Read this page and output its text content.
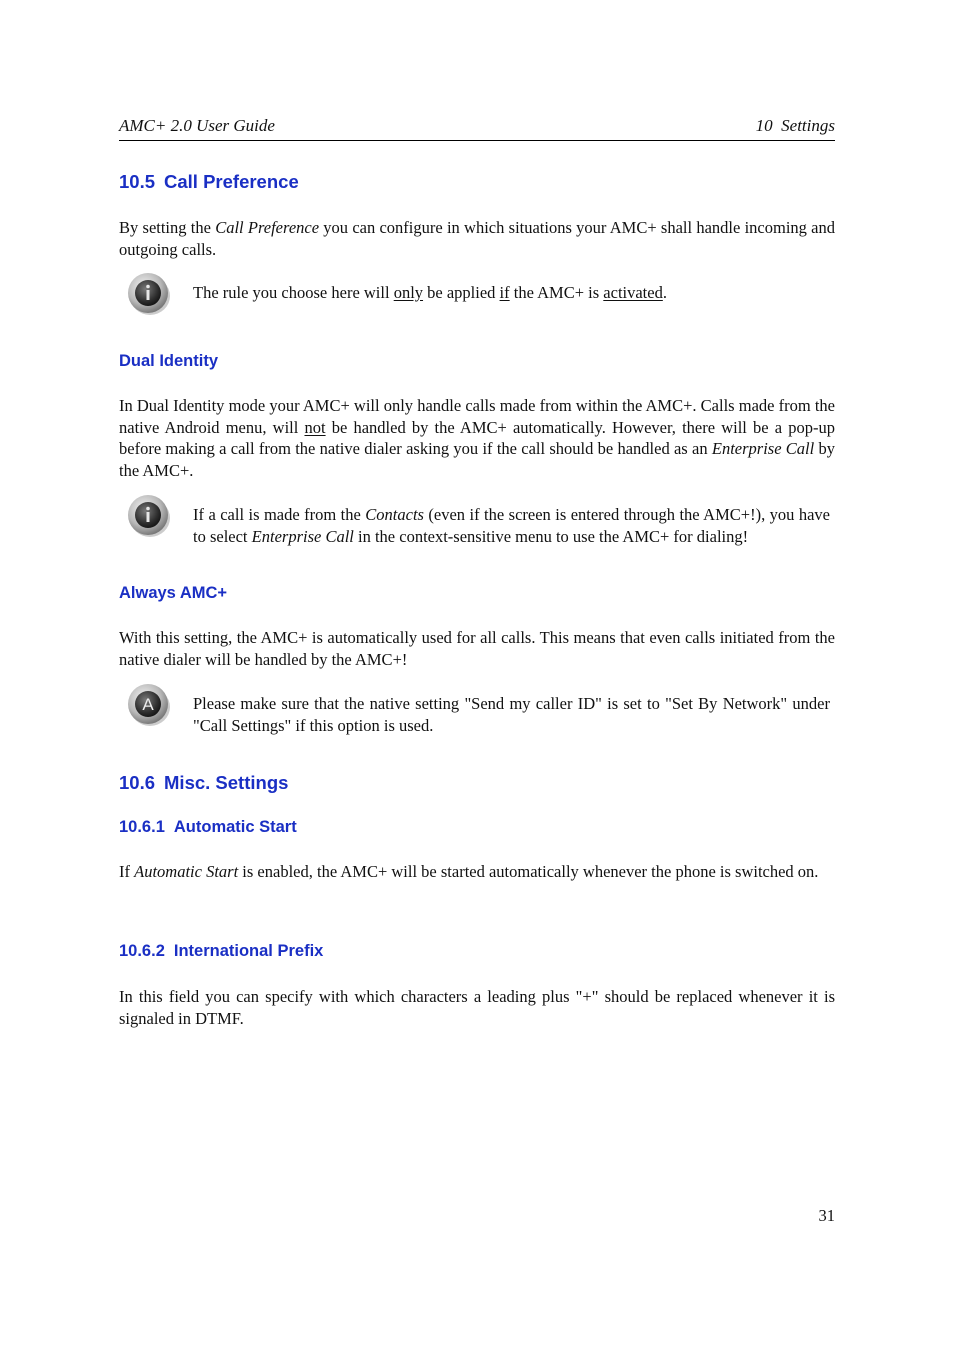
AMC+ 2.0 User Guide	10  Settings
10.5 Call Preference
By setting the Call Preference you can configure in which situations your AMC+ shall handle incoming and outgoing calls.
The rule you choose here will only be applied if the AMC+ is activated.
Dual Identity
In Dual Identity mode your AMC+ will only handle calls made from within the AMC+. Calls made from the native Android menu, will not be handled by the AMC+ automatically. However, there will be a pop-up before making a call from the native dialer asking you if the call should be handled as an Enterprise Call by the AMC+.
If a call is made from the Contacts (even if the screen is entered through the AMC+!), you have to select Enterprise Call in the context-sensitive menu to use the AMC+ for dialing!
Always AMC+
With this setting, the AMC+ is automatically used for all calls. This means that even calls initiated from the native dialer will be handled by the AMC+!
A Please make sure that the native setting "Send my caller ID" is set to "Set By Network" under "Call Settings" if this option is used.
10.6 Misc. Settings
10.6.1 Automatic Start
If Automatic Start is enabled, the AMC+ will be started automatically whenever the phone is switched on.
10.6.2 International Prefix
In this field you can specify with which characters a leading plus "+" should be replaced whenever it is signaled in DTMF.
31
